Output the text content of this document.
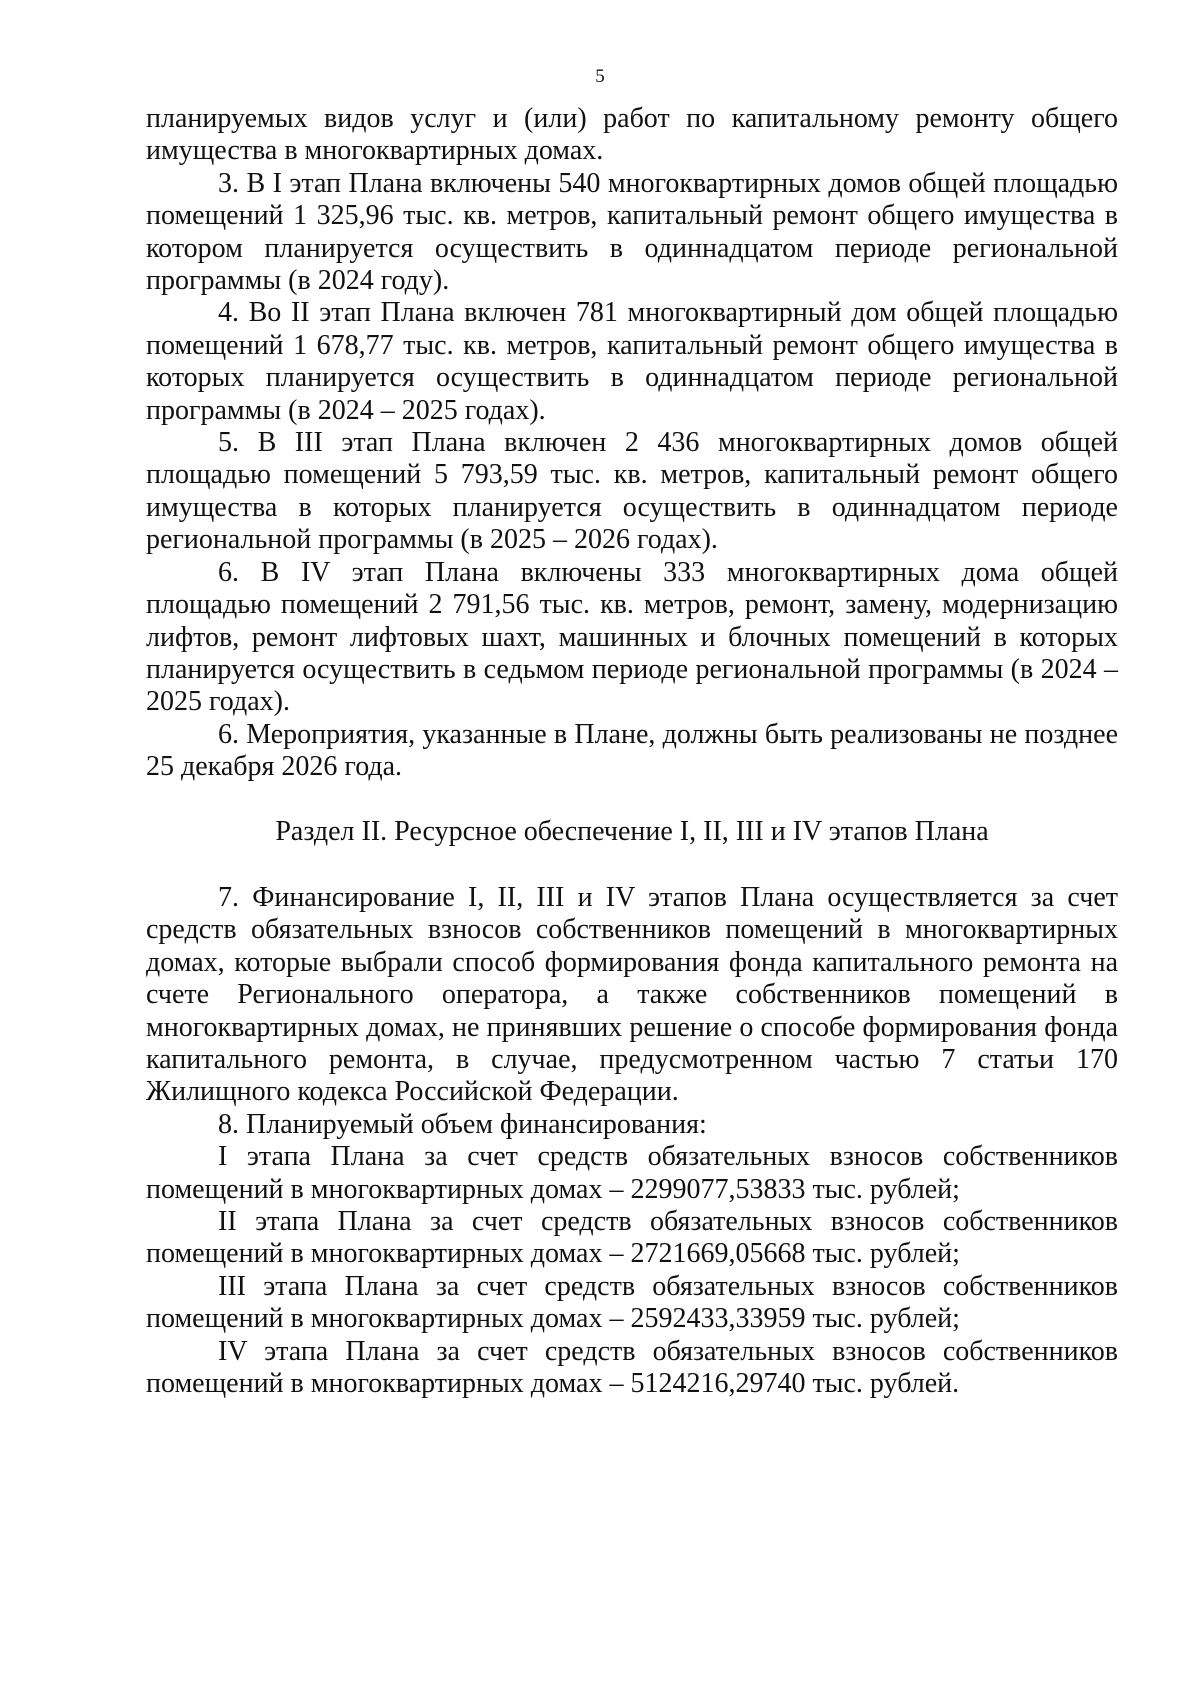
5

планируемых видов услуг и (или) работ по капитальному ремонту общего имущества в многоквартирных домах.

3. В I этап Плана включены 540 многоквартирных домов общей площадью помещений 1 325,96 тыс. кв. метров, капитальный ремонт общего имущества в котором планируется осуществить в одиннадцатом периоде региональной программы (в 2024 году).

4. Во II этап Плана включен 781 многоквартирный дом общей площадью помещений 1 678,77 тыс. кв. метров, капитальный ремонт общего имущества в которых планируется осуществить в одиннадцатом периоде региональной программы (в 2024 – 2025 годах).

5. В III этап Плана включен 2 436 многоквартирных домов общей площадью помещений 5 793,59 тыс. кв. метров, капитальный ремонт общего имущества в которых планируется осуществить в одиннадцатом периоде региональной программы (в 2025 – 2026 годах).

6. В IV этап Плана включены 333 многоквартирных дома общей площадью помещений 2 791,56 тыс. кв. метров, ремонт, замену, модернизацию лифтов, ремонт лифтовых шахт, машинных и блочных помещений в которых планируется осуществить в седьмом периоде региональной программы (в 2024 – 2025 годах).

6. Мероприятия, указанные в Плане, должны быть реализованы не позднее 25 декабря 2026 года.

Раздел II. Ресурсное обеспечение I, II, III и IV этапов Плана

7. Финансирование I, II, III и IV этапов Плана осуществляется за счет средств обязательных взносов собственников помещений в многоквартирных домах, которые выбрали способ формирования фонда капитального ремонта на счете Регионального оператора, а также собственников помещений в многоквартирных домах, не принявших решение о способе формирования фонда капитального ремонта, в случае, предусмотренном частью 7 статьи 170 Жилищного кодекса Российской Федерации.

8. Планируемый объем финансирования:

I этапа Плана за счет средств обязательных взносов собственников помещений в многоквартирных домах – 2299077,53833 тыс. рублей;

II этапа Плана за счет средств обязательных взносов собственников помещений в многоквартирных домах – 2721669,05668 тыс. рублей;

III этапа Плана за счет средств обязательных взносов собственников помещений в многоквартирных домах – 2592433,33959 тыс. рублей;

IV этапа Плана за счет средств обязательных взносов собственников помещений в многоквартирных домах – 5124216,29740 тыс. рублей.
